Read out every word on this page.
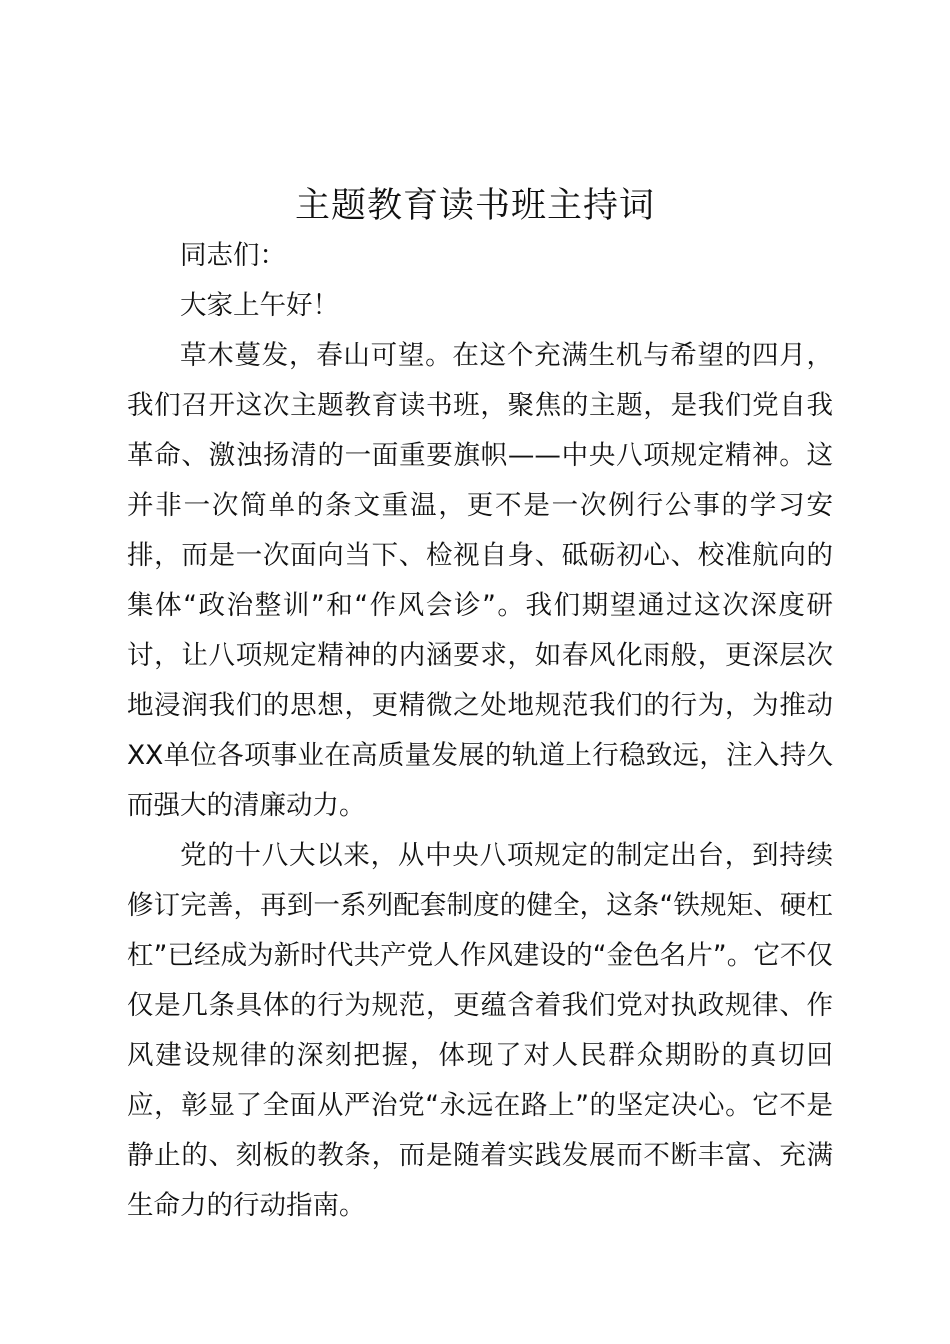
主题教育读书班主持词

同志们：

大家上午好！

草木蔓发，春山可望。在这个充满生机与希望的四月，我们召开这次主题教育读书班，聚焦的主题，是我们党自我革命、激浊扬清的一面重要旗帜——中央八项规定精神。这并非一次简单的条文重温，更不是一次例行公事的学习安排，而是一次面向当下、检视自身、砥砺初心、校准航向的集体“政治整训”和“作风会诊”。我们期望通过这次深度研讨，让八项规定精神的内涵要求，如春风化雨般，更深层次地浸润我们的思想，更精微之处地规范我们的行为，为推动XX单位各项事业在高质量发展的轨道上行稳致远，注入持久而强大的清廉动力。

党的十八大以来，从中央八项规定的制定出台，到持续修订完善，再到一系列配套制度的健全，这条“铁规矩、硬杠杠”已经成为新时代共产党人作风建设的“金色名片”。它不仅仅是几条具体的行为规范，更蕴含着我们党对执政规律、作风建设规律的深刻把握，体现了对人民群众期盼的真切回应，彰显了全面从严治党“永远在路上”的坚定决心。它不是静止的、刻板的教条，而是随着实践发展而不断丰富、充满生命力的行动指南。
